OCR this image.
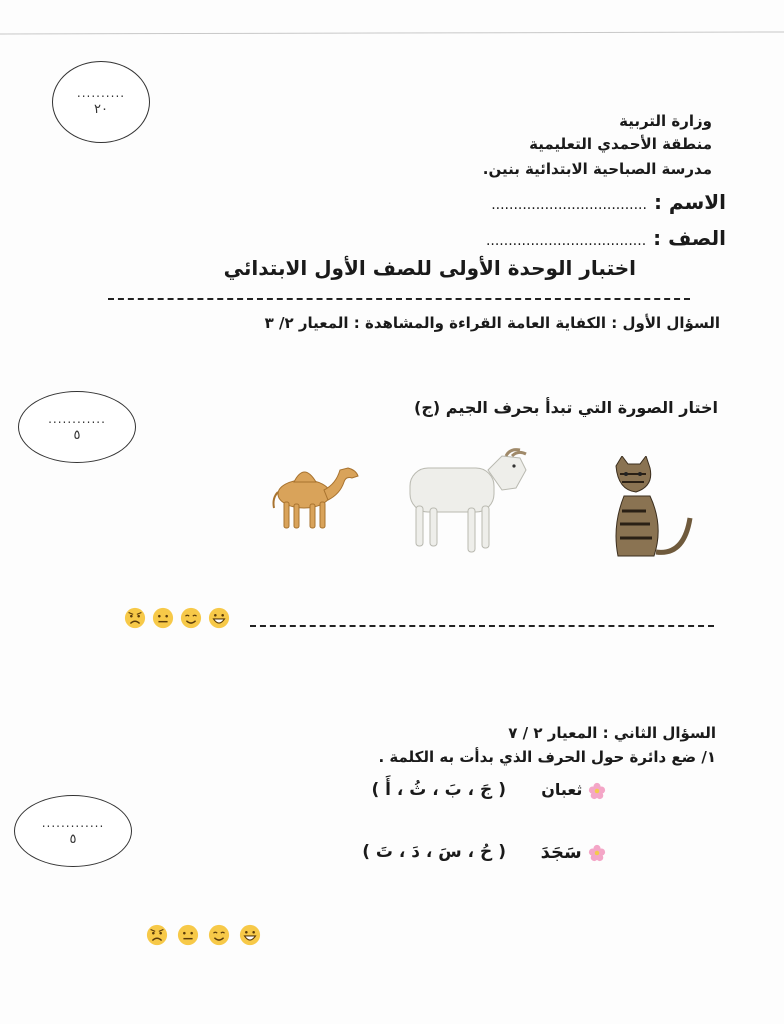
..........
٢٠
وزارة التربية
منطقة الأحمدي التعليمية
مدرسة الصباحية الابتدائية بنين.
الاسم : ...................................
الصف : ....................................
اختبار الوحدة الأولى للصف الأول الابتدائي
السؤال الأول : الكفاية العامة القراءة والمشاهدة : المعيار ٢/ ٣
............
٥
اختار الصورة التي تبدأ بحرف الجيم (ج)
السؤال الثاني : المعيار ٢ / ٧
١/ ضع دائرة حول الحرف الذي بدأت به الكلمة .
.............
٥
ثعبان
( جَ ، بَ ، ثُ ، أَ )
سَجَدَ
( حُ ، سَ ، دَ ، تَ )
